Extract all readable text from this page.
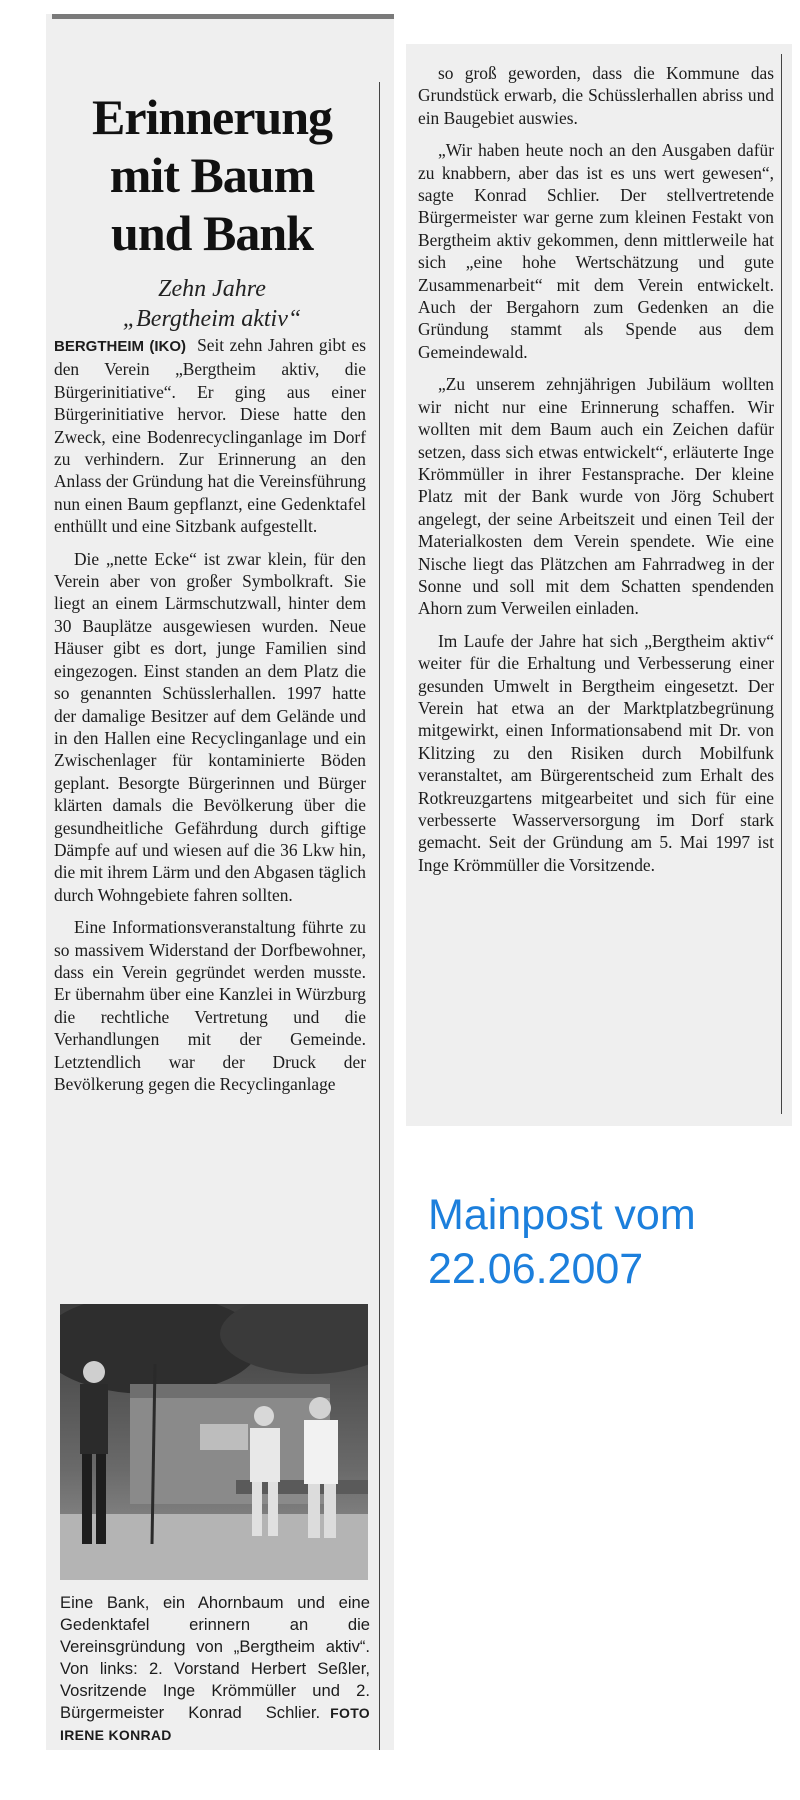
Erinnerung
mit Baum
und Bank
Zehn Jahre
„Bergtheim aktiv“

BERGTHEIM (IKO) Seit zehn Jahren gibt es den Verein „Bergtheim aktiv, die Bürgerinitiative“. Er ging aus einer Bürgerinitiative hervor. Diese hatte den Zweck, eine Bodenrecyclinganlage im Dorf zu verhindern. Zur Erinnerung an den Anlass der Gründung hat die Vereinsführung nun einen Baum gepflanzt, eine Gedenktafel enthüllt und eine Sitzbank aufgestellt.

Die „nette Ecke“ ist zwar klein, für den Verein aber von großer Symbolkraft. Sie liegt an einem Lärmschutzwall, hinter dem 30 Bauplätze ausgewiesen wurden. Neue Häuser gibt es dort, junge Familien sind eingezogen. Einst standen an dem Platz die so genannten Schüsslerhallen. 1997 hatte der damalige Besitzer auf dem Gelände und in den Hallen eine Recyclinganlage und ein Zwischenlager für kontaminierte Böden geplant. Besorgte Bürgerinnen und Bürger klärten damals die Bevölkerung über die gesundheitliche Gefährdung durch giftige Dämpfe auf und wiesen auf die 36 Lkw hin, die mit ihrem Lärm und den Abgasen täglich durch Wohngebiete fahren sollten.

Eine Informationsveranstaltung führte zu so massivem Widerstand der Dorfbewohner, dass ein Verein gegründet werden musste. Er übernahm über eine Kanzlei in Würzburg die rechtliche Vertretung und die Verhandlungen mit der Gemeinde. Letztendlich war der Druck der Bevölkerung gegen die Recyclinganlage

Eine Bank, ein Ahornbaum und eine Gedenktafel erinnern an die Vereinsgründung von „Bergtheim aktiv“. Von links: 2. Vorstand Herbert Seßler, Vosritzende Inge Krömmüller und 2. Bürgermeister Konrad Schlier. FOTO IRENE KONRAD

so groß geworden, dass die Kommune das Grundstück erwarb, die Schüsslerhallen abriss und ein Baugebiet auswies.

„Wir haben heute noch an den Ausgaben dafür zu knabbern, aber das ist es uns wert gewesen“, sagte Konrad Schlier. Der stellvertretende Bürgermeister war gerne zum kleinen Festakt von Bergtheim aktiv gekommen, denn mittlerweile hat sich „eine hohe Wertschätzung und gute Zusammenarbeit“ mit dem Verein entwickelt. Auch der Bergahorn zum Gedenken an die Gründung stammt als Spende aus dem Gemeindewald.

„Zu unserem zehnjährigen Jubiläum wollten wir nicht nur eine Erinnerung schaffen. Wir wollten mit dem Baum auch ein Zeichen dafür setzen, dass sich etwas entwickelt“, erläuterte Inge Krömmüller in ihrer Festansprache. Der kleine Platz mit der Bank wurde von Jörg Schubert angelegt, der seine Arbeitszeit und einen Teil der Materialkosten dem Verein spendete. Wie eine Nische liegt das Plätzchen am Fahrradweg in der Sonne und soll mit dem Schatten spendenden Ahorn zum Verweilen einladen.

Im Laufe der Jahre hat sich „Bergtheim aktiv“ weiter für die Erhaltung und Verbesserung einer gesunden Umwelt in Bergtheim eingesetzt. Der Verein hat etwa an der Marktplatzbegrünung mitgewirkt, einen Informationsabend mit Dr. von Klitzing zu den Risiken durch Mobilfunk veranstaltet, am Bürgerentscheid zum Erhalt des Rotkreuzgartens mitgearbeitet und sich für eine verbesserte Wasserversorgung im Dorf stark gemacht. Seit der Gründung am 5. Mai 1997 ist Inge Krömmüller die Vorsitzende.

Mainpost vom
22.06.2007
